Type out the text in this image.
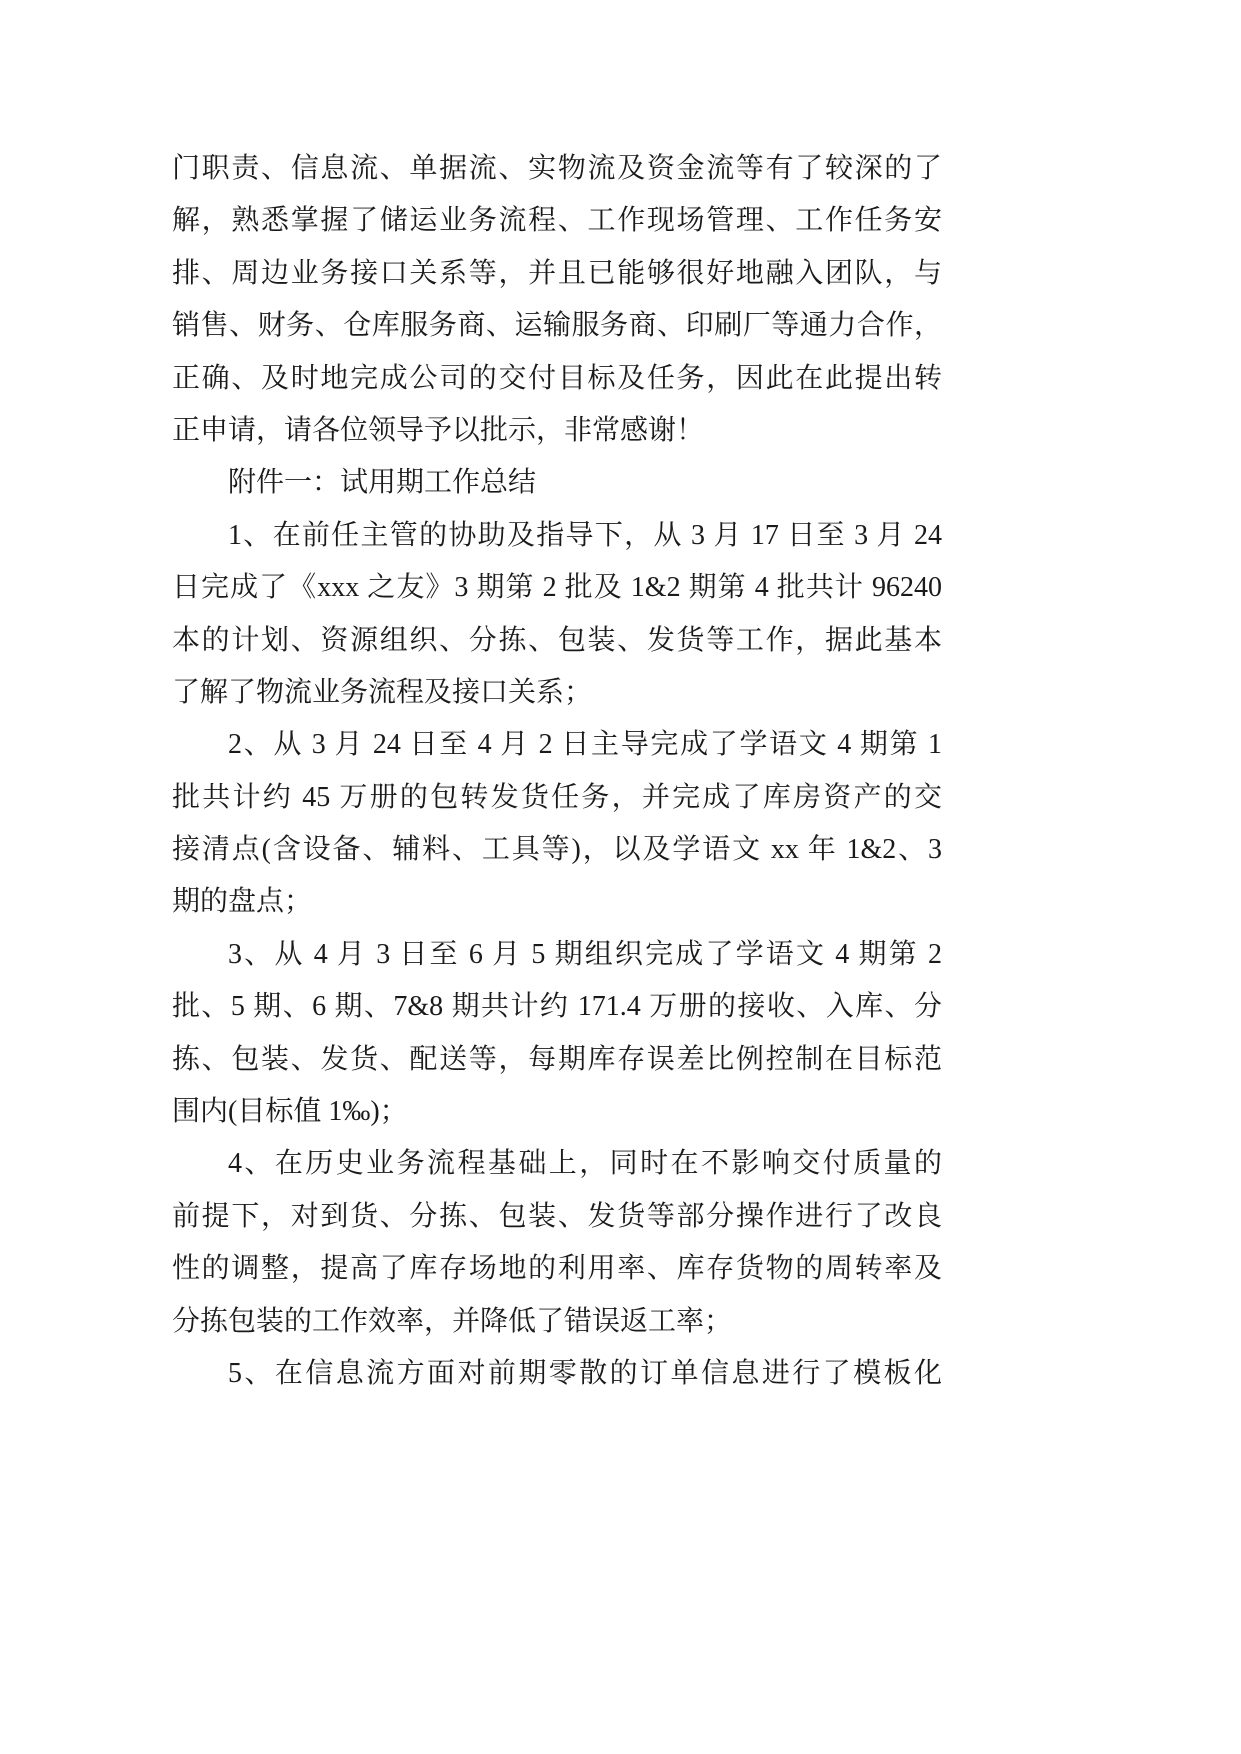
门职责、信息流、单据流、实物流及资金流等有了较深的了
解，熟悉掌握了储运业务流程、工作现场管理、工作任务安
排、周边业务接口关系等，并且已能够很好地融入团队，与
销售、财务、仓库服务商、运输服务商、印刷厂等通力合作，
正确、及时地完成公司的交付目标及任务，因此在此提出转
正申请，请各位领导予以批示，非常感谢！
附件一：试用期工作总结
1、在前任主管的协助及指导下，从 3 月 17 日至 3 月 24
日完成了《xxx 之友》3 期第 2 批及 1&2 期第 4 批共计 96240
本的计划、资源组织、分拣、包装、发货等工作，据此基本
了解了物流业务流程及接口关系；
2、从 3 月 24 日至 4 月 2 日主导完成了学语文 4 期第 1
批共计约 45 万册的包转发货任务，并完成了库房资产的交
接清点(含设备、辅料、工具等)，以及学语文 xx 年 1&2、3
期的盘点；
3、从 4 月 3 日至 6 月 5 期组织完成了学语文 4 期第 2
批、5 期、6 期、7&8 期共计约 171.4 万册的接收、入库、分
拣、包装、发货、配送等，每期库存误差比例控制在目标范
围内(目标值 1‰)；
4、在历史业务流程基础上，同时在不影响交付质量的
前提下，对到货、分拣、包装、发货等部分操作进行了改良
性的调整，提高了库存场地的利用率、库存货物的周转率及
分拣包装的工作效率，并降低了错误返工率；
5、在信息流方面对前期零散的订单信息进行了模板化
